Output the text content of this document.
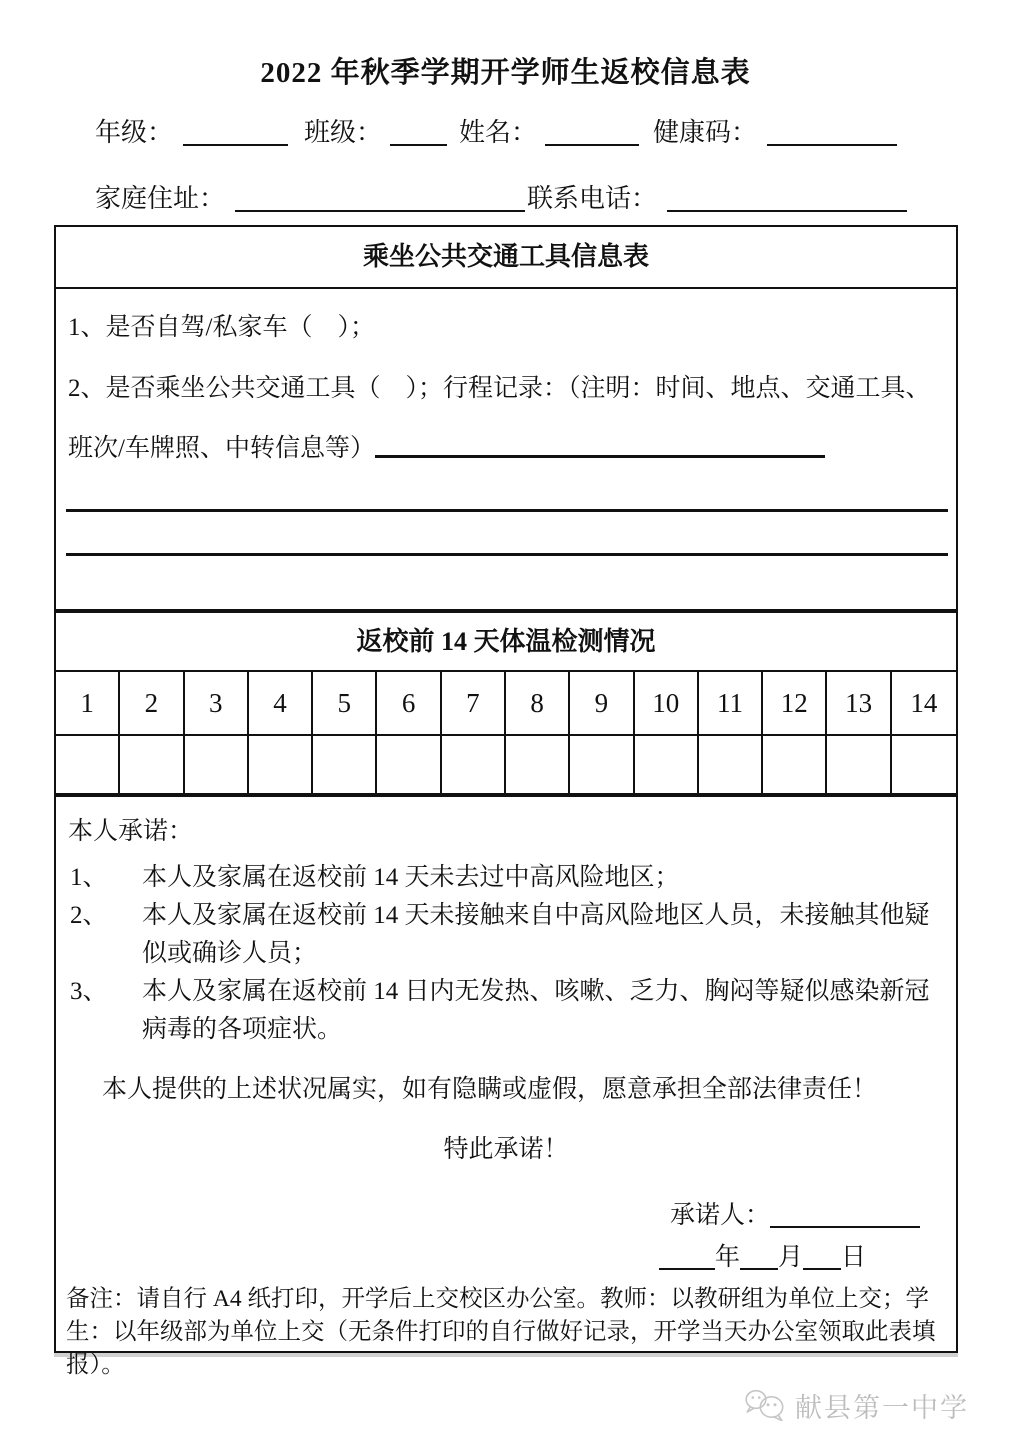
2022 年秋季学期开学师生返校信息表
年级：	班级：	姓名：	健康码：
家庭住址：	联系电话：
乘坐公共交通工具信息表
1、是否自驾/私家车（　）；
2、是否乘坐公共交通工具（　）；行程记录：（注明：时间、地点、交通工具、班次/车牌照、中转信息等）
返校前 14 天体温检测情况
1	2	3	4	5	6	7	8	9	10	11	12	13	14
本人承诺：
1、	本人及家属在返校前 14 天未去过中高风险地区；
2、	本人及家属在返校前 14 天未接触来自中高风险地区人员，未接触其他疑似或确诊人员；
3、	本人及家属在返校前 14 日内无发热、咳嗽、乏力、胸闷等疑似感染新冠病毒的各项症状。
本人提供的上述状况属实，如有隐瞒或虚假，愿意承担全部法律责任！
特此承诺！
承诺人：
年 月 日
备注：请自行 A4 纸打印，开学后上交校区办公室。教师：以教研组为单位上交；学生：以年级部为单位上交（无条件打印的自行做好记录，开学当天办公室领取此表填报）。
献县第一中学
